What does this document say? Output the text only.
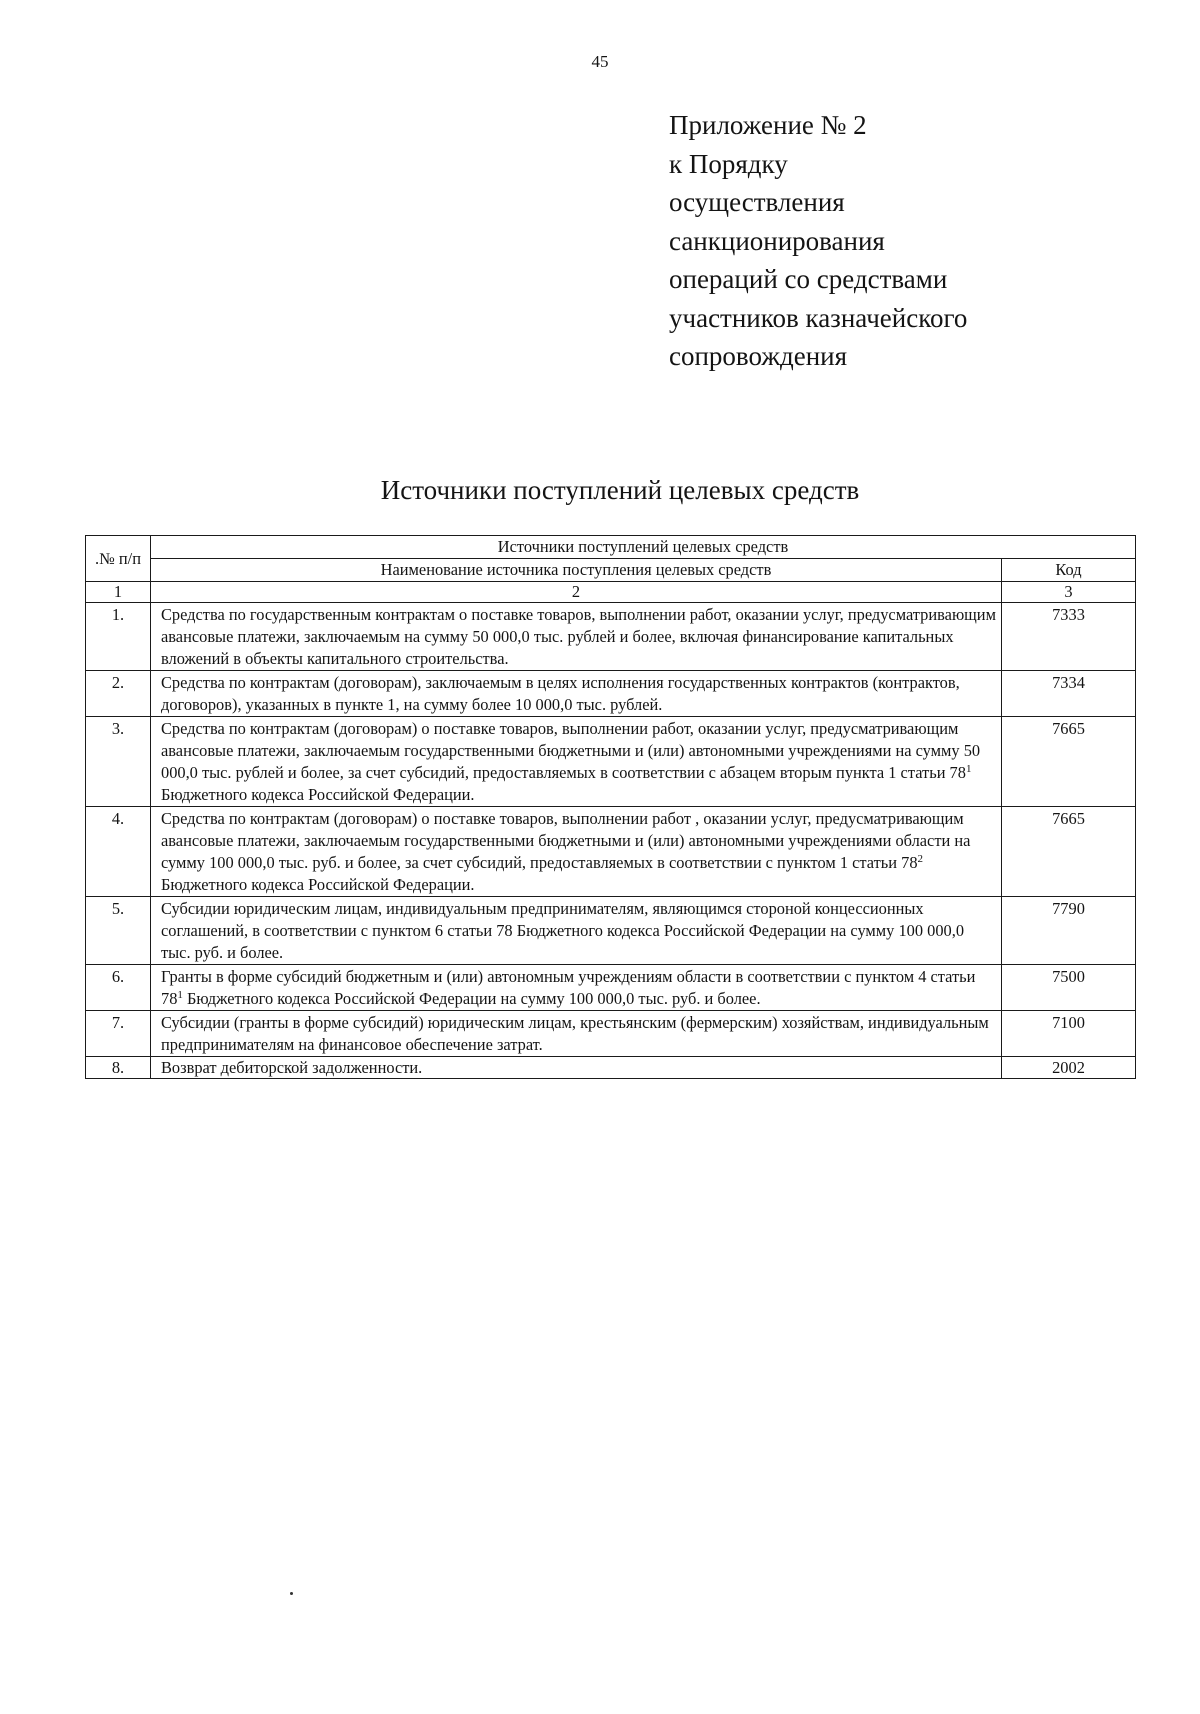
45
Приложение № 2
к Порядку
осуществления
санкционирования
операций со средствами
участников казначейского
сопровождения
Источники поступлений целевых средств
.№ п/п	Источники поступлений целевых средств	
	Наименование источника поступления целевых средств	Код
1	2	3
1.	Средства по государственным контрактам о поставке товаров, выполнении работ, оказании услуг, предусматривающим авансовые платежи, заключаемым на сумму 50 000,0 тыс. рублей и более, включая финансирование капитальных вложений в объекты капитального строительства.	7333
2.	Средства по контрактам (договорам), заключаемым в целях исполнения государственных контрактов (контрактов, договоров), указанных в пункте 1, на сумму более 10 000,0 тыс. рублей.	7334
3.	Средства по контрактам (договорам) о поставке товаров, выполнении работ, оказании услуг, предусматривающим авансовые платежи, заключаемым государственными бюджетными и (или) автономными учреждениями на сумму 50 000,0 тыс. рублей и более, за счет субсидий, предоставляемых в соответствии с абзацем вторым пункта 1 статьи $78^1$ Бюджетного кодекса Российской Федерации.	7665
4.	Средства по контрактам (договорам) о поставке товаров, выполнении работ , оказании услуг, предусматривающим авансовые платежи, заключаемым государственными бюджетными и (или) автономными учреждениями области на сумму 100 000,0 тыс. руб. и более, за счет субсидий, предоставляемых в соответствии с пунктом 1 статьи $78^2$ Бюджетного кодекса Российской Федерации.	7665
5.	Субсидии юридическим лицам, индивидуальным предпринимателям, являющимся стороной концессионных соглашений, в соответствии с пунктом 6 статьи 78 Бюджетного кодекса Российской Федерации на сумму 100 000,0 тыс. руб. и более.	7790
6.	Гранты в форме субсидий бюджетным и (или) автономным учреждениям области в соответствии с пунктом 4 статьи $78^1$ Бюджетного кодекса Российской Федерации на сумму 100 000,0 тыс. руб. и более.	7500
7.	Субсидии (гранты в форме субсидий) юридическим лицам, крестьянским (фермерским) хозяйствам, индивидуальным предпринимателям на финансовое обеспечение затрат.	7100
8.	Возврат дебиторской задолженности.	2002
